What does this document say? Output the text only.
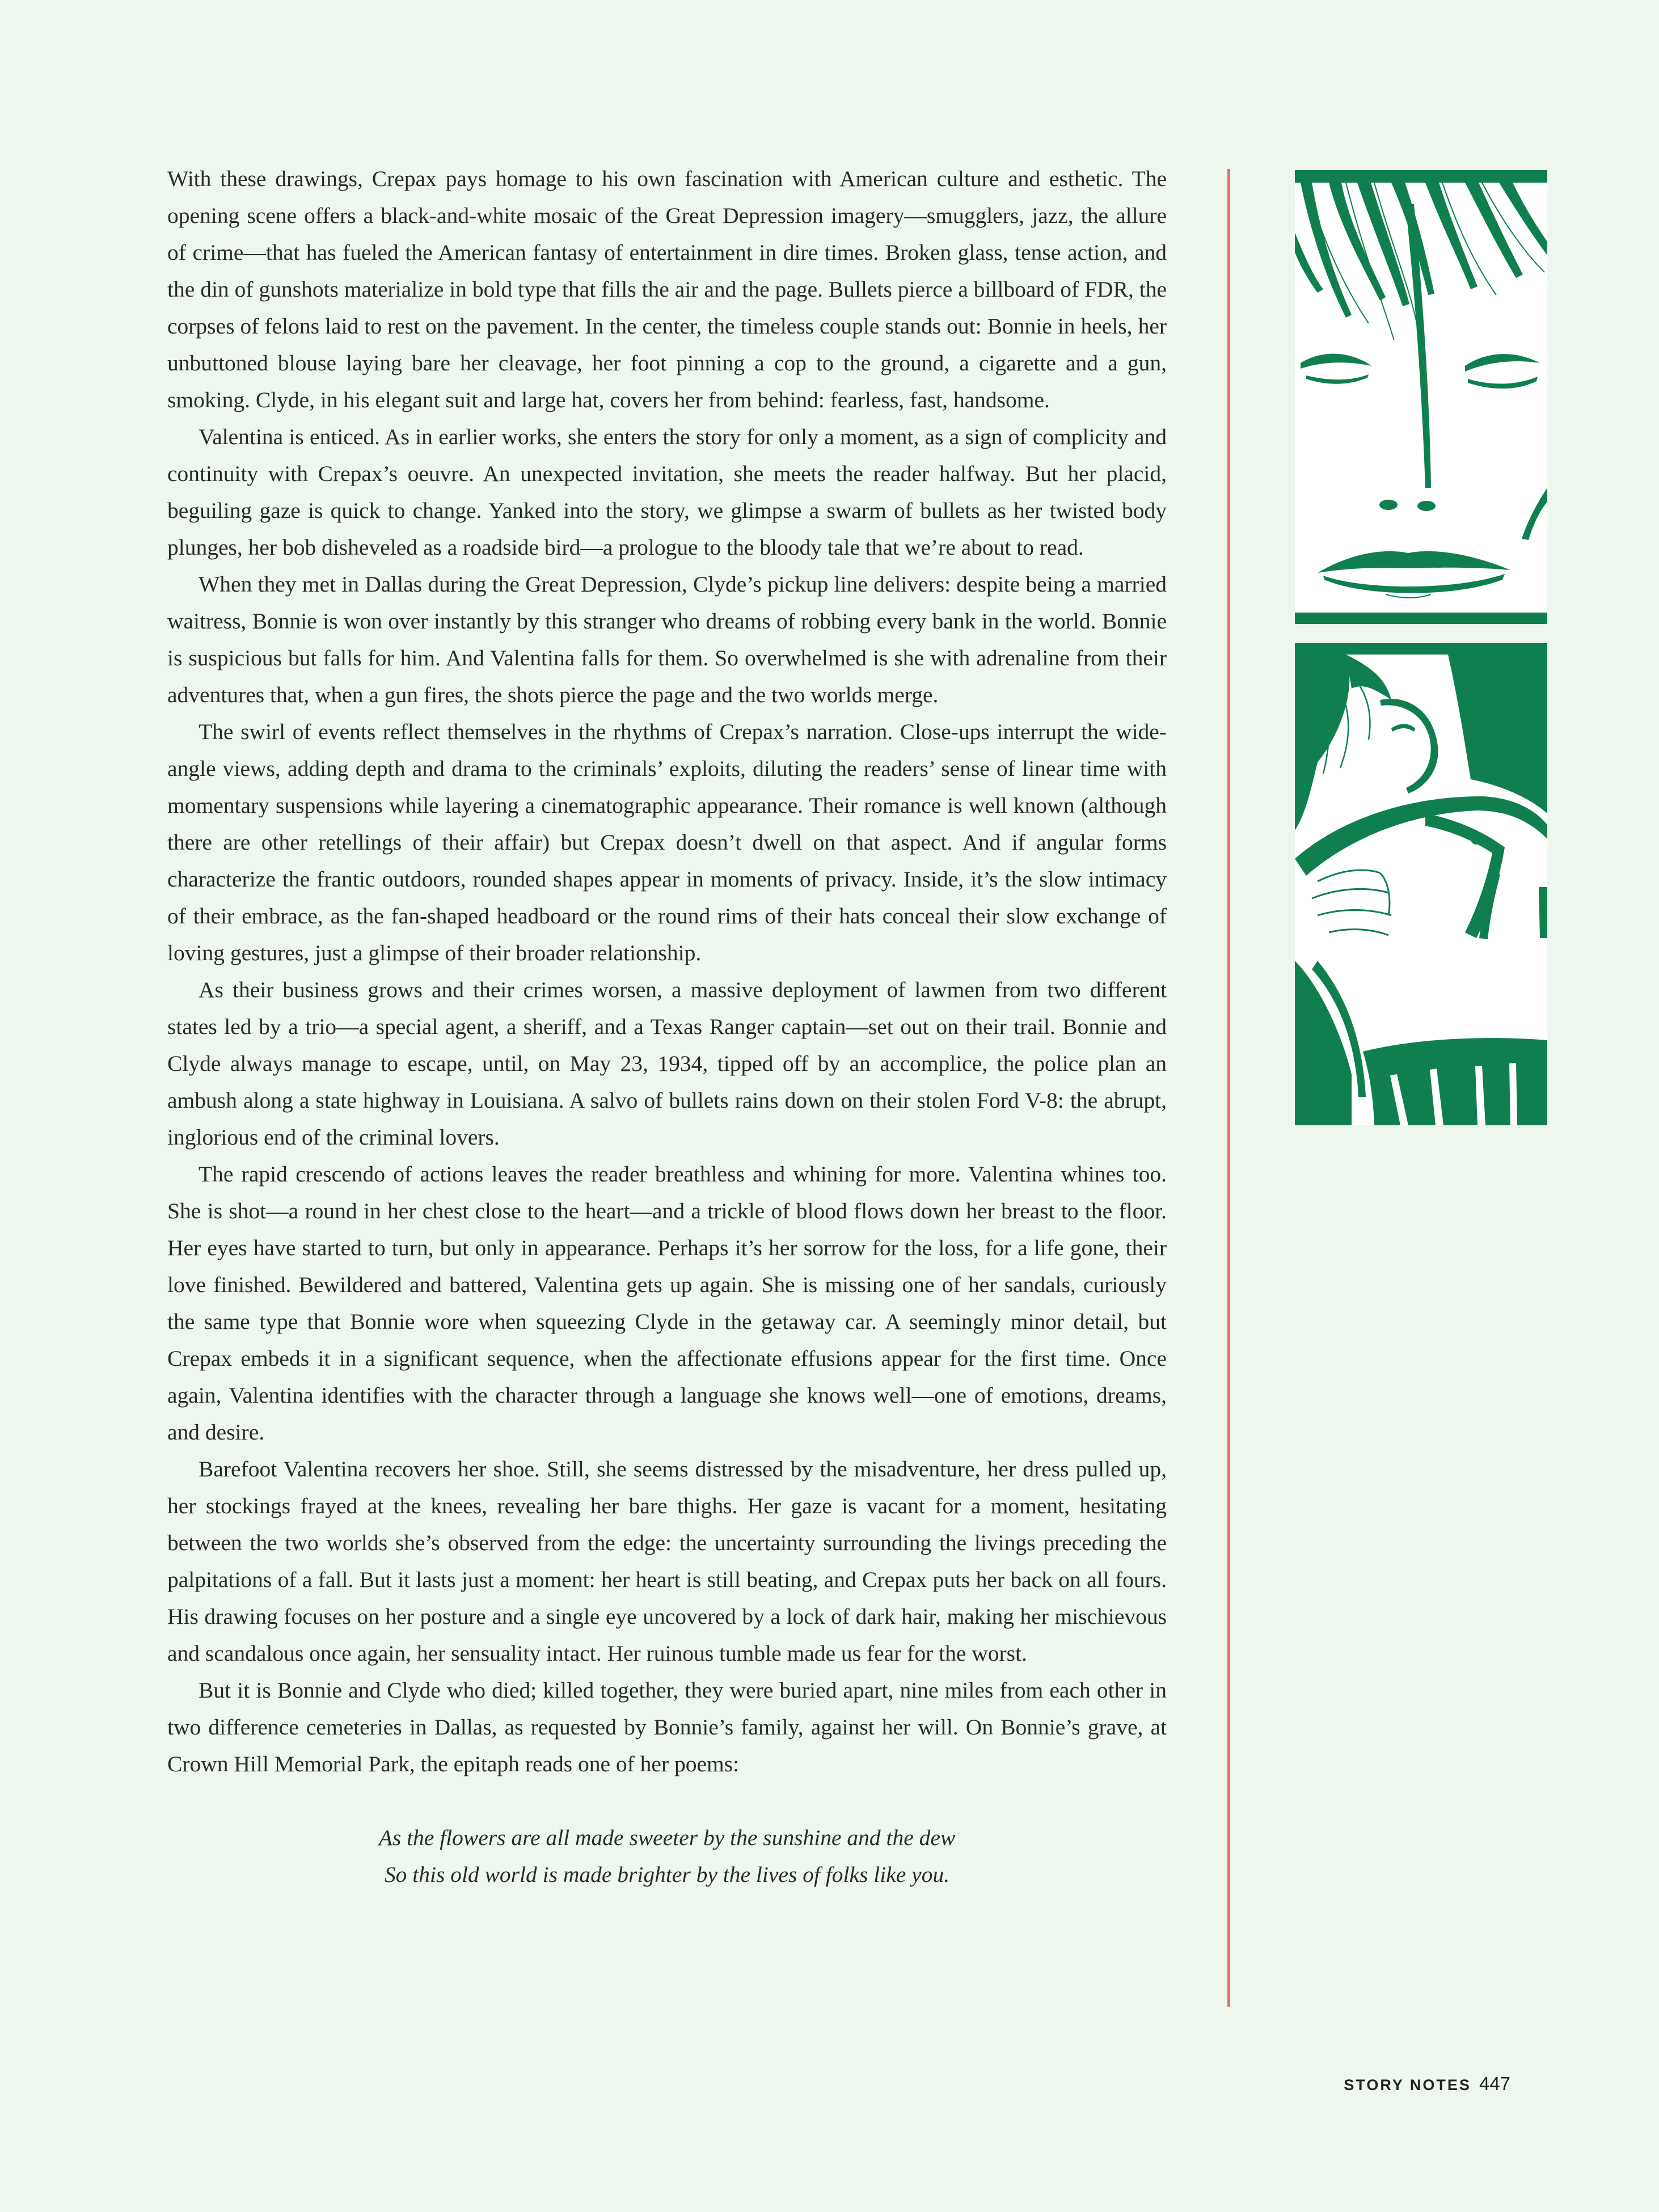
With these drawings, Crepax pays homage to his own fascination with American culture and esthetic. The opening scene offers a black-and-white mosaic of the Great Depression imagery—smugglers, jazz, the allure of crime—that has fueled the American fantasy of entertainment in dire times. Broken glass, tense action, and the din of gunshots materialize in bold type that fills the air and the page. Bullets pierce a billboard of FDR, the corpses of felons laid to rest on the pavement. In the center, the timeless couple stands out: Bonnie in heels, her unbuttoned blouse laying bare her cleavage, her foot pinning a cop to the ground, a cigarette and a gun, smoking. Clyde, in his elegant suit and large hat, covers her from behind: fearless, fast, handsome.

Valentina is enticed. As in earlier works, she enters the story for only a moment, as a sign of complicity and continuity with Crepax’s oeuvre. An unexpected invitation, she meets the reader halfway. But her placid, beguiling gaze is quick to change. Yanked into the story, we glimpse a swarm of bullets as her twisted body plunges, her bob disheveled as a roadside bird—a prologue to the bloody tale that we’re about to read.

When they met in Dallas during the Great Depression, Clyde’s pickup line delivers: despite being a married waitress, Bonnie is won over instantly by this stranger who dreams of robbing every bank in the world. Bonnie is suspicious but falls for him. And Valentina falls for them. So overwhelmed is she with adrenaline from their adventures that, when a gun fires, the shots pierce the page and the two worlds merge.

The swirl of events reflect themselves in the rhythms of Crepax’s narration. Close-ups interrupt the wide-angle views, adding depth and drama to the criminals’ exploits, diluting the readers’ sense of linear time with momentary suspensions while layering a cinematographic appearance. Their romance is well known (although there are other retellings of their affair) but Crepax doesn’t dwell on that aspect. And if angular forms characterize the frantic outdoors, rounded shapes appear in moments of privacy. Inside, it’s the slow intimacy of their embrace, as the fan-shaped headboard or the round rims of their hats conceal their slow exchange of loving gestures, just a glimpse of their broader relationship.

As their business grows and their crimes worsen, a massive deployment of lawmen from two different states led by a trio—a special agent, a sheriff, and a Texas Ranger captain—set out on their trail. Bonnie and Clyde always manage to escape, until, on May 23, 1934, tipped off by an accomplice, the police plan an ambush along a state highway in Louisiana. A salvo of bullets rains down on their stolen Ford V-8: the abrupt, inglorious end of the criminal lovers.

The rapid crescendo of actions leaves the reader breathless and whining for more. Valentina whines too. She is shot—a round in her chest close to the heart—and a trickle of blood flows down her breast to the floor. Her eyes have started to turn, but only in appearance. Perhaps it’s her sorrow for the loss, for a life gone, their love finished. Bewildered and battered, Valentina gets up again. She is missing one of her sandals, curiously the same type that Bonnie wore when squeezing Clyde in the getaway car. A seemingly minor detail, but Crepax embeds it in a significant sequence, when the affectionate effusions appear for the first time. Once again, Valentina identifies with the character through a language she knows well—one of emotions, dreams, and desire.

Barefoot Valentina recovers her shoe. Still, she seems distressed by the misadventure, her dress pulled up, her stockings frayed at the knees, revealing her bare thighs. Her gaze is vacant for a moment, hesitating between the two worlds she’s observed from the edge: the uncertainty surrounding the livings preceding the palpitations of a fall. But it lasts just a moment: her heart is still beating, and Crepax puts her back on all fours. His drawing focuses on her posture and a single eye uncovered by a lock of dark hair, making her mischievous and scandalous once again, her sensuality intact. Her ruinous tumble made us fear for the worst.

But it is Bonnie and Clyde who died; killed together, they were buried apart, nine miles from each other in two difference cemeteries in Dallas, as requested by Bonnie’s family, against her will. On Bonnie’s grave, at Crown Hill Memorial Park, the epitaph reads one of her poems:

As the flowers are all made sweeter by the sunshine and the dew
So this old world is made brighter by the lives of folks like you.
STORY NOTES 447
